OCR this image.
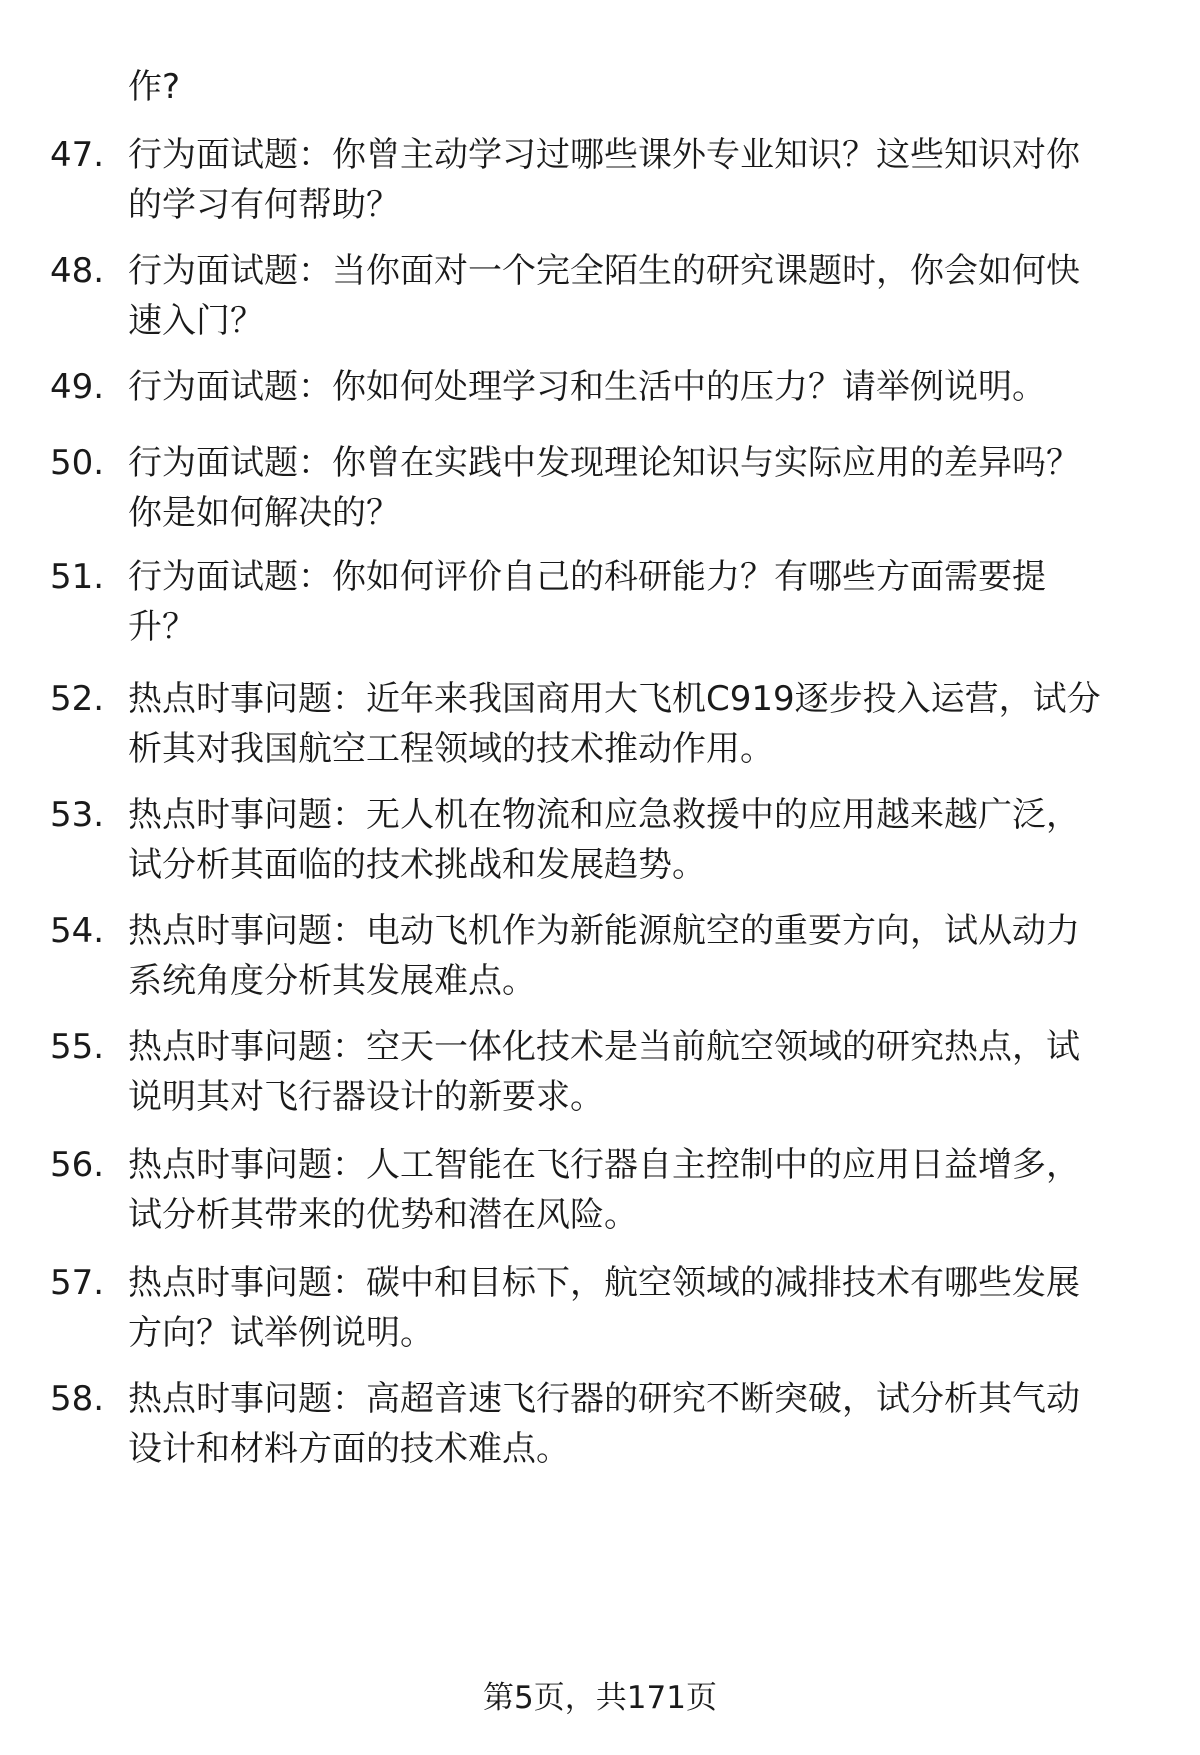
作?
47. 行为面试题：你曾主动学习过哪些课外专业知识？这些知识对你
的学习有何帮助？
48. 行为面试题：当你面对一个完全陌生的研究课题时，你会如何快
速入门？
49. 行为面试题：你如何处理学习和生活中的压力？请举例说明。
50. 行为面试题：你曾在实践中发现理论知识与实际应用的差异吗？
你是如何解决的？
51. 行为面试题：你如何评价自己的科研能力？有哪些方面需要提
升？
52. 热点时事问题：近年来我国商用大飞机C919逐步投入运营，试分
析其对我国航空工程领域的技术推动作用。
53. 热点时事问题：无人机在物流和应急救援中的应用越来越广泛，
试分析其面临的技术挑战和发展趋势。
54. 热点时事问题：电动飞机作为新能源航空的重要方向，试从动力
系统角度分析其发展难点。
55. 热点时事问题：空天一体化技术是当前航空领域的研究热点，试
说明其对飞行器设计的新要求。
56. 热点时事问题：人工智能在飞行器自主控制中的应用日益增多，
试分析其带来的优势和潜在风险。
57. 热点时事问题：碳中和目标下，航空领域的减排技术有哪些发展
方向？试举例说明。
58. 热点时事问题：高超音速飞行器的研究不断突破，试分析其气动
设计和材料方面的技术难点。
第5页，共171页
